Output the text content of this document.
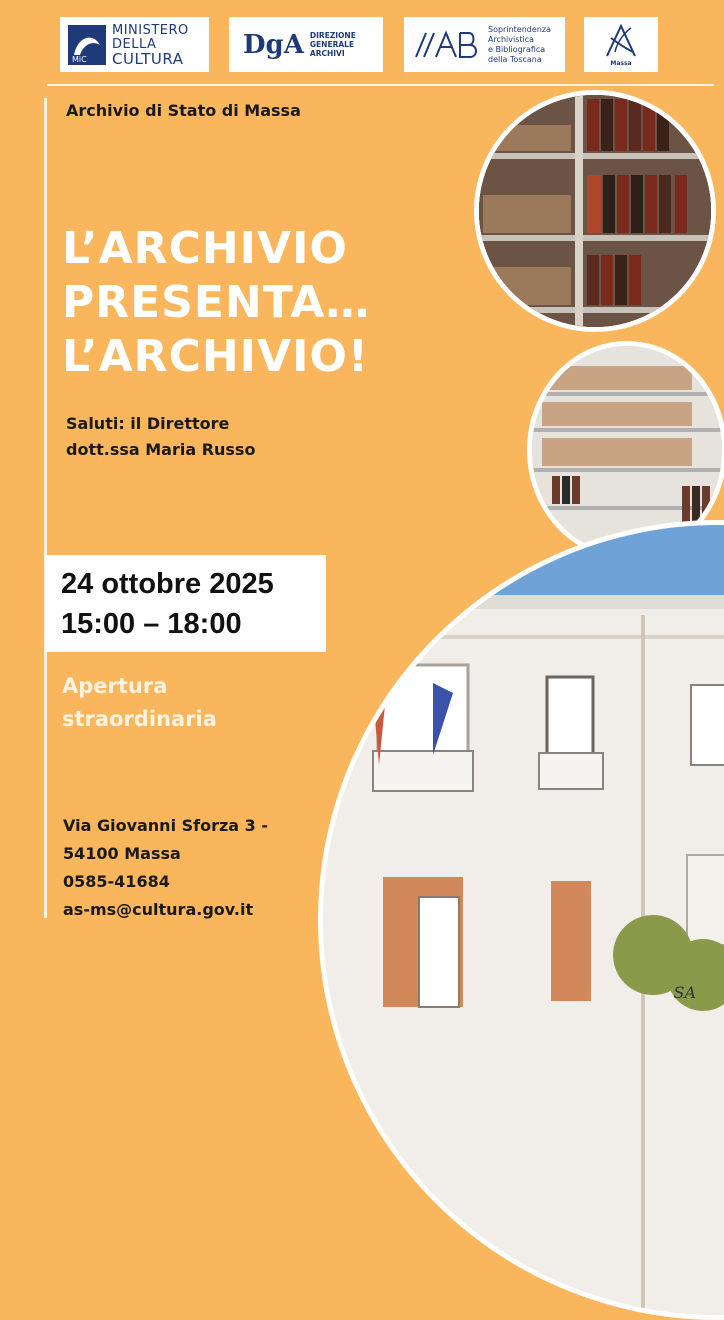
MiC
MINISTERO
DELLA
CULTURA DgA DIREZIONE
GENERALE
ARCHIVI
Soprintendenza
Archivistica
e Bibliografica
della Toscana	Massa
Archivio di Stato di Massa
L’ARCHIVIO
PRESENTA…
L’ARCHIVIO!
Saluti: il Direttore
dott.ssa Maria Russo
24 ottobre 2025
15:00 – 18:00
Apertura
straordinaria
Via Giovanni Sforza 3 -
54100 Massa
0585-41684
as-ms@cultura.gov.it
SA
